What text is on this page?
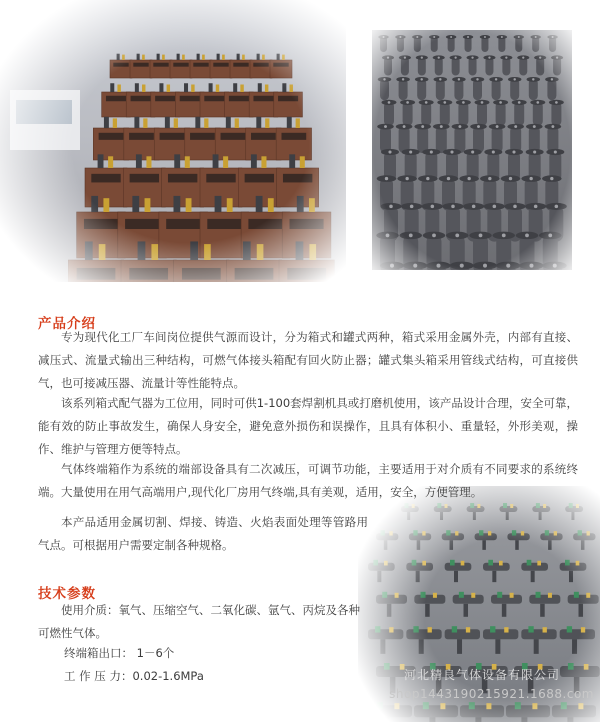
产品介绍

专为现代化工厂车间岗位提供气源而设计，分为箱式和罐式两种，箱式采用金属外壳，内部有直接、减压式、流量式输出三种结构，可燃气体接头箱配有回火防止器；罐式集头箱采用管线式结构，可直接供气，也可接减压器、流量计等性能特点。

该系列箱式配气器为工位用，同时可供1-100套焊割机具或打磨机使用，该产品设计合理，安全可靠，能有效的防止事故发生，确保人身安全，避免意外损伤和误操作，且具有体积小、重量轻，外形美观，操作、维护与管理方便等特点。

气体终端箱作为系统的端部设备具有二次减压，可调节功能，主要适用于对介质有不同要求的系统终端。大量使用在用气高端用户,现代化厂房用气终端,具有美观，适用，安全，方便管理。

本产品适用金属切割、焊接、铸造、火焰表面处理等管路用气点。可根据用户需要定制各种规格。

技术参数

使用介质：氧气、压缩空气、二氧化碳、氩气、丙烷及各种可燃性气体。

终端箱出口： 1－6个

工 作 压 力：0.02-1.6MPa	河北精良气体设备有限公司
shop1443190215921.1688.com
